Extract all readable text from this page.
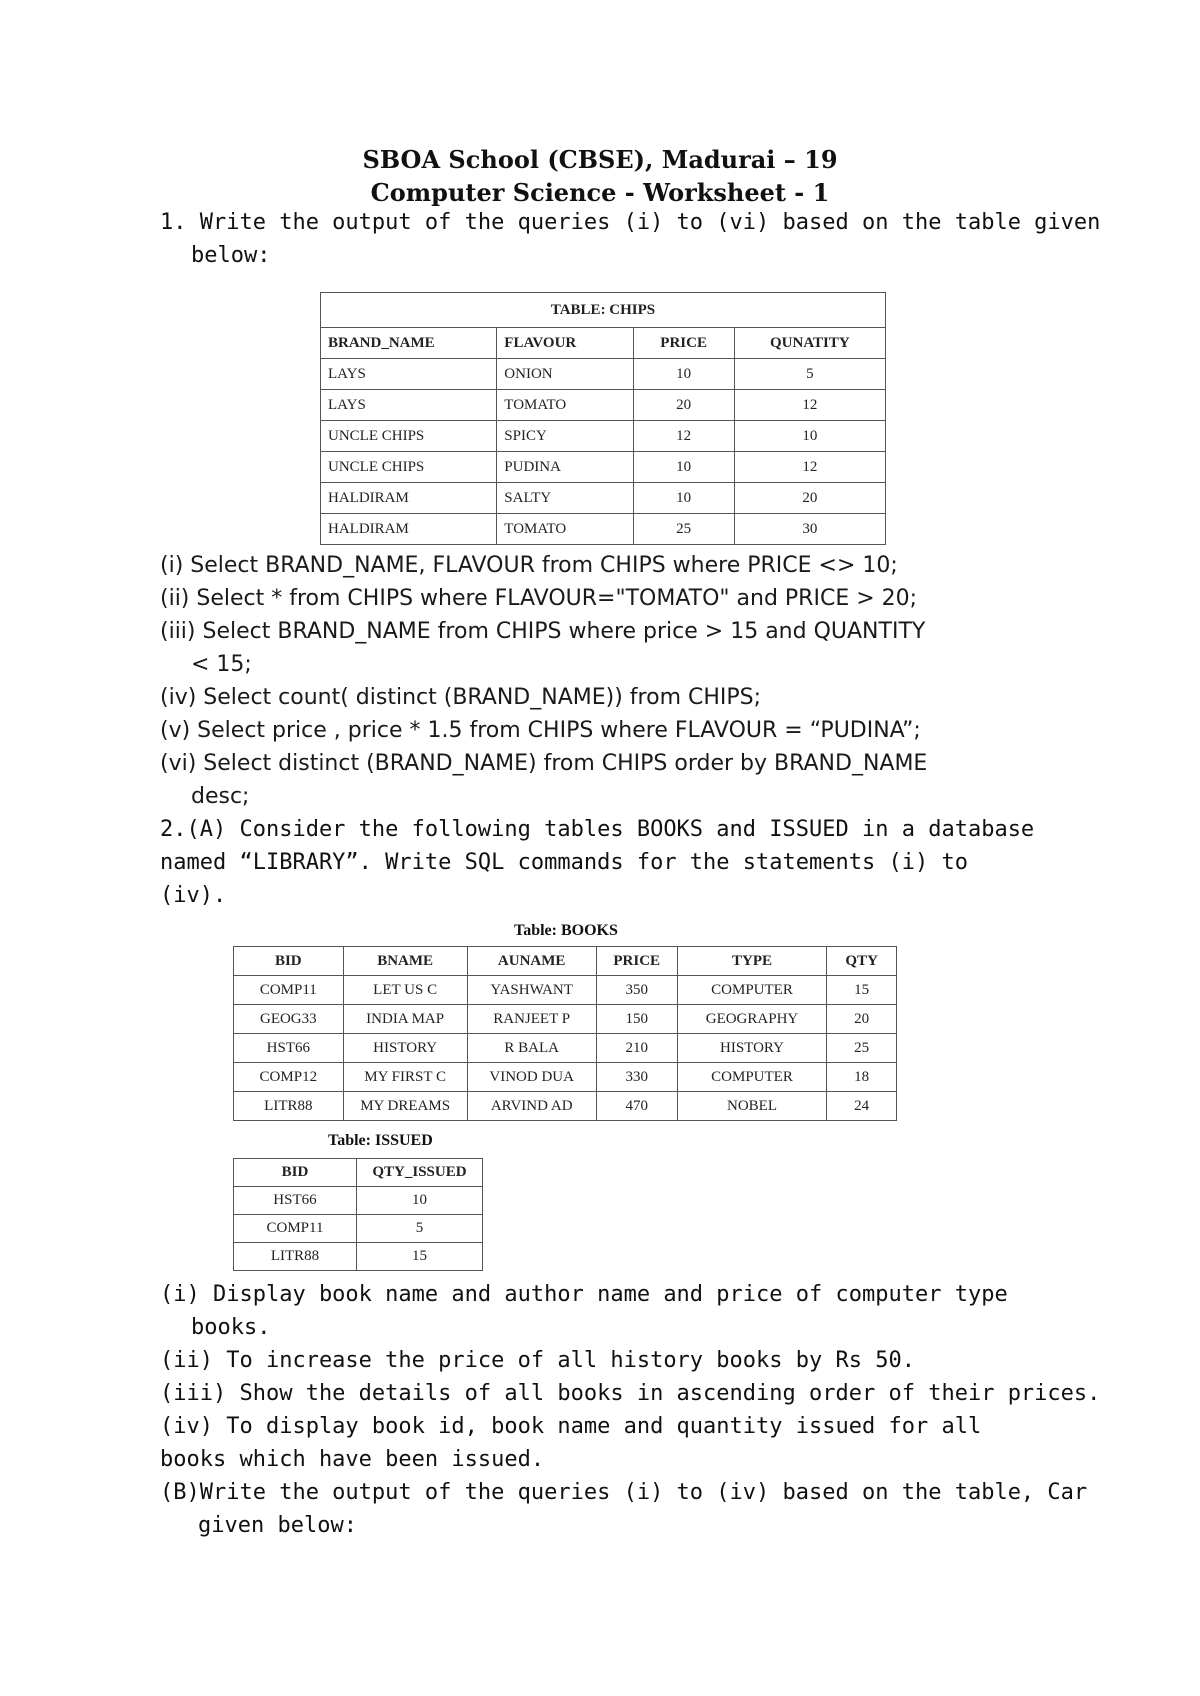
SBOA School (CBSE), Madurai – 19
Computer Science - Worksheet - 1
1. Write the output of the queries (i) to (vi) based on the table given
below:
TABLE: CHIPS
BRAND_NAME	FLAVOUR	PRICE	QUNATITY
LAYS	ONION	10	5
LAYS	TOMATO	20	12
UNCLE CHIPS	SPICY	12	10
UNCLE CHIPS	PUDINA	10	12
HALDIRAM	SALTY	10	20
HALDIRAM	TOMATO	25	30
(i) Select BRAND_NAME, FLAVOUR from CHIPS where PRICE <> 10;
(ii) Select * from CHIPS where FLAVOUR="TOMATO" and PRICE > 20;
(iii) Select BRAND_NAME from CHIPS where price > 15 and QUANTITY
< 15;
(iv) Select count( distinct (BRAND_NAME)) from CHIPS;
(v) Select price , price * 1.5 from CHIPS where FLAVOUR = “PUDINA”;
(vi) Select distinct (BRAND_NAME) from CHIPS order by BRAND_NAME
desc;
2.(A) Consider the following tables BOOKS and ISSUED in a database
named “LIBRARY”. Write SQL commands for the statements (i) to
(iv).
Table: BOOKS
BID	BNAME	AUNAME	PRICE	TYPE	QTY
COMP11	LET US C	YASHWANT	350	COMPUTER	15
GEOG33	INDIA MAP	RANJEET P	150	GEOGRAPHY	20
HST66	HISTORY	R BALA	210	HISTORY	25
COMP12	MY FIRST C	VINOD DUA	330	COMPUTER	18
LITR88	MY DREAMS	ARVIND AD	470	NOBEL	24
Table: ISSUED
BID	QTY_ISSUED
HST66	10
COMP11	5
LITR88	15
(i) Display book name and author name and price of computer type
books.
(ii) To increase the price of all history books by Rs 50.
(iii) Show the details of all books in ascending order of their prices.
(iv) To display book id, book name and quantity issued for all
books which have been issued.
(B)Write the output of the queries (i) to (iv) based on the table, Car
given below:
